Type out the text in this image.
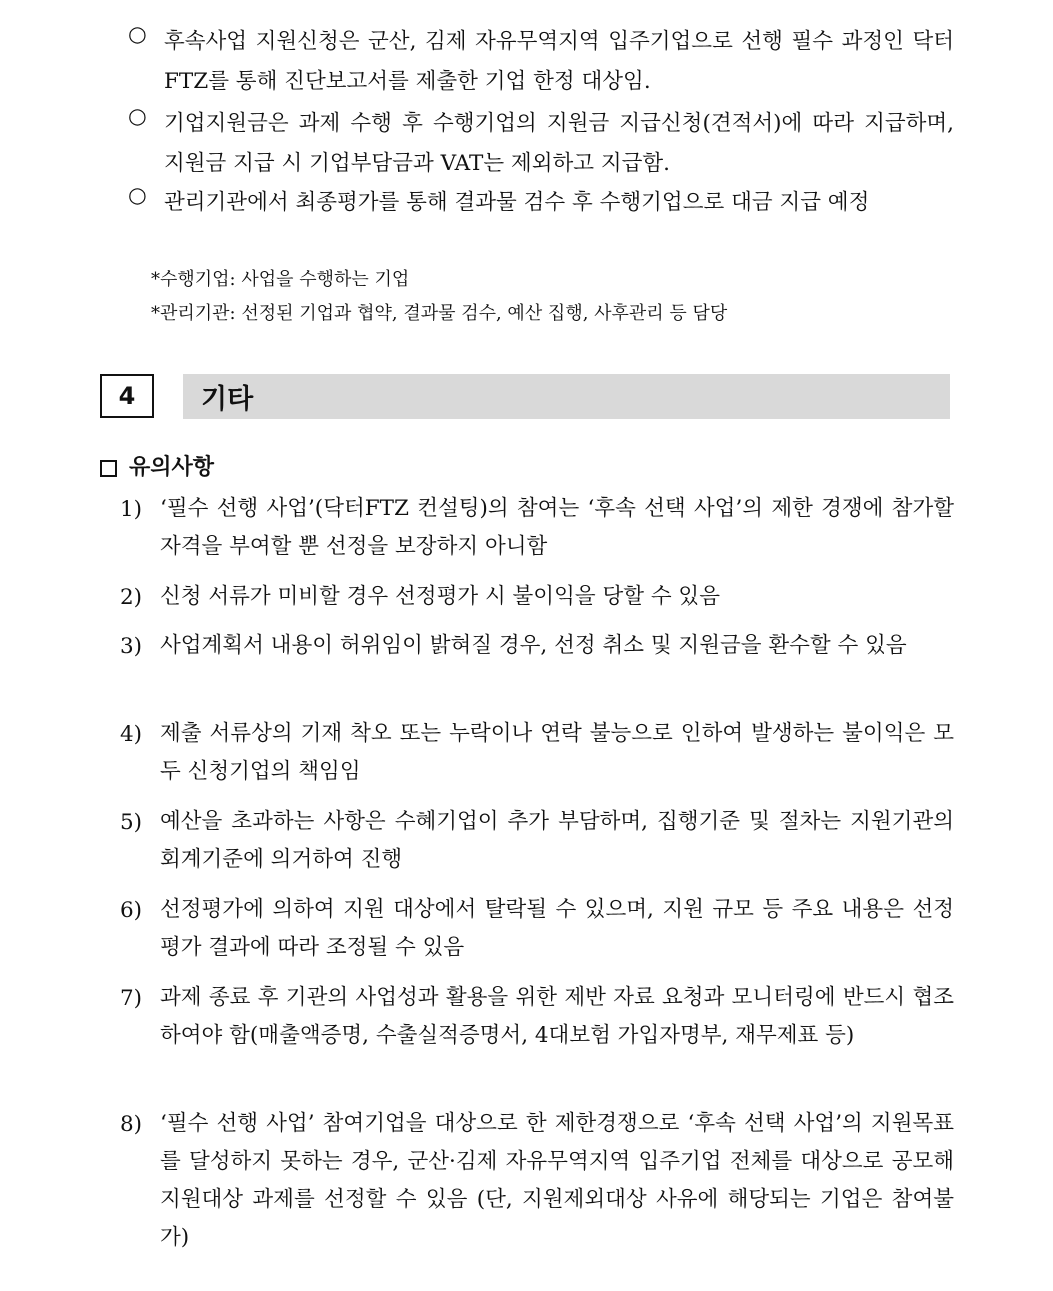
○ 후속사업 지원신청은 군산, 김제 자유무역지역 입주기업으로 선행 필수 과정인 닥터FTZ를 통해 진단보고서를 제출한 기업 한정 대상임.
○ 기업지원금은 과제 수행 후 수행기업의 지원금 지급신청(견적서)에 따라 지급하며, 지원금 지급 시 기업부담금과 VAT는 제외하고 지급함.
○ 관리기관에서 최종평가를 통해 결과물 검수 후 수행기업으로 대금 지급 예정
*수행기업: 사업을 수행하는 기업
*관리기관: 선정된 기업과 협약, 결과물 검수, 예산 집행, 사후관리 등 담당
4	기타
유의사항
1) ‘필수 선행 사업’(닥터FTZ 컨설팅)의 참여는 ‘후속 선택 사업’의 제한 경쟁에 참가할 자격을 부여할 뿐 선정을 보장하지 아니함
2) 신청 서류가 미비할 경우 선정평가 시 불이익을 당할 수 있음
3) 사업계획서 내용이 허위임이 밝혀질 경우, 선정 취소 및 지원금을 환수할 수 있음
4) 제출 서류상의 기재 착오 또는 누락이나 연락 불능으로 인하여 발생하는 불이익은 모두 신청기업의 책임임
5) 예산을 초과하는 사항은 수혜기업이 추가 부담하며, 집행기준 및 절차는 지원기관의 회계기준에 의거하여 진행
6) 선정평가에 의하여 지원 대상에서 탈락될 수 있으며, 지원 규모 등 주요 내용은 선정평가 결과에 따라 조정될 수 있음
7) 과제 종료 후 기관의 사업성과 활용을 위한 제반 자료 요청과 모니터링에 반드시 협조하여야 함(매출액증명, 수출실적증명서, 4대보험 가입자명부, 재무제표 등)
8) ‘필수 선행 사업’ 참여기업을 대상으로 한 제한경쟁으로 ‘후속 선택 사업’의 지원목표를 달성하지 못하는 경우, 군산·김제 자유무역지역 입주기업 전체를 대상으로 공모해 지원대상 과제를 선정할 수 있음 (단, 지원제외대상 사유에 해당되는 기업은 참여불가)
